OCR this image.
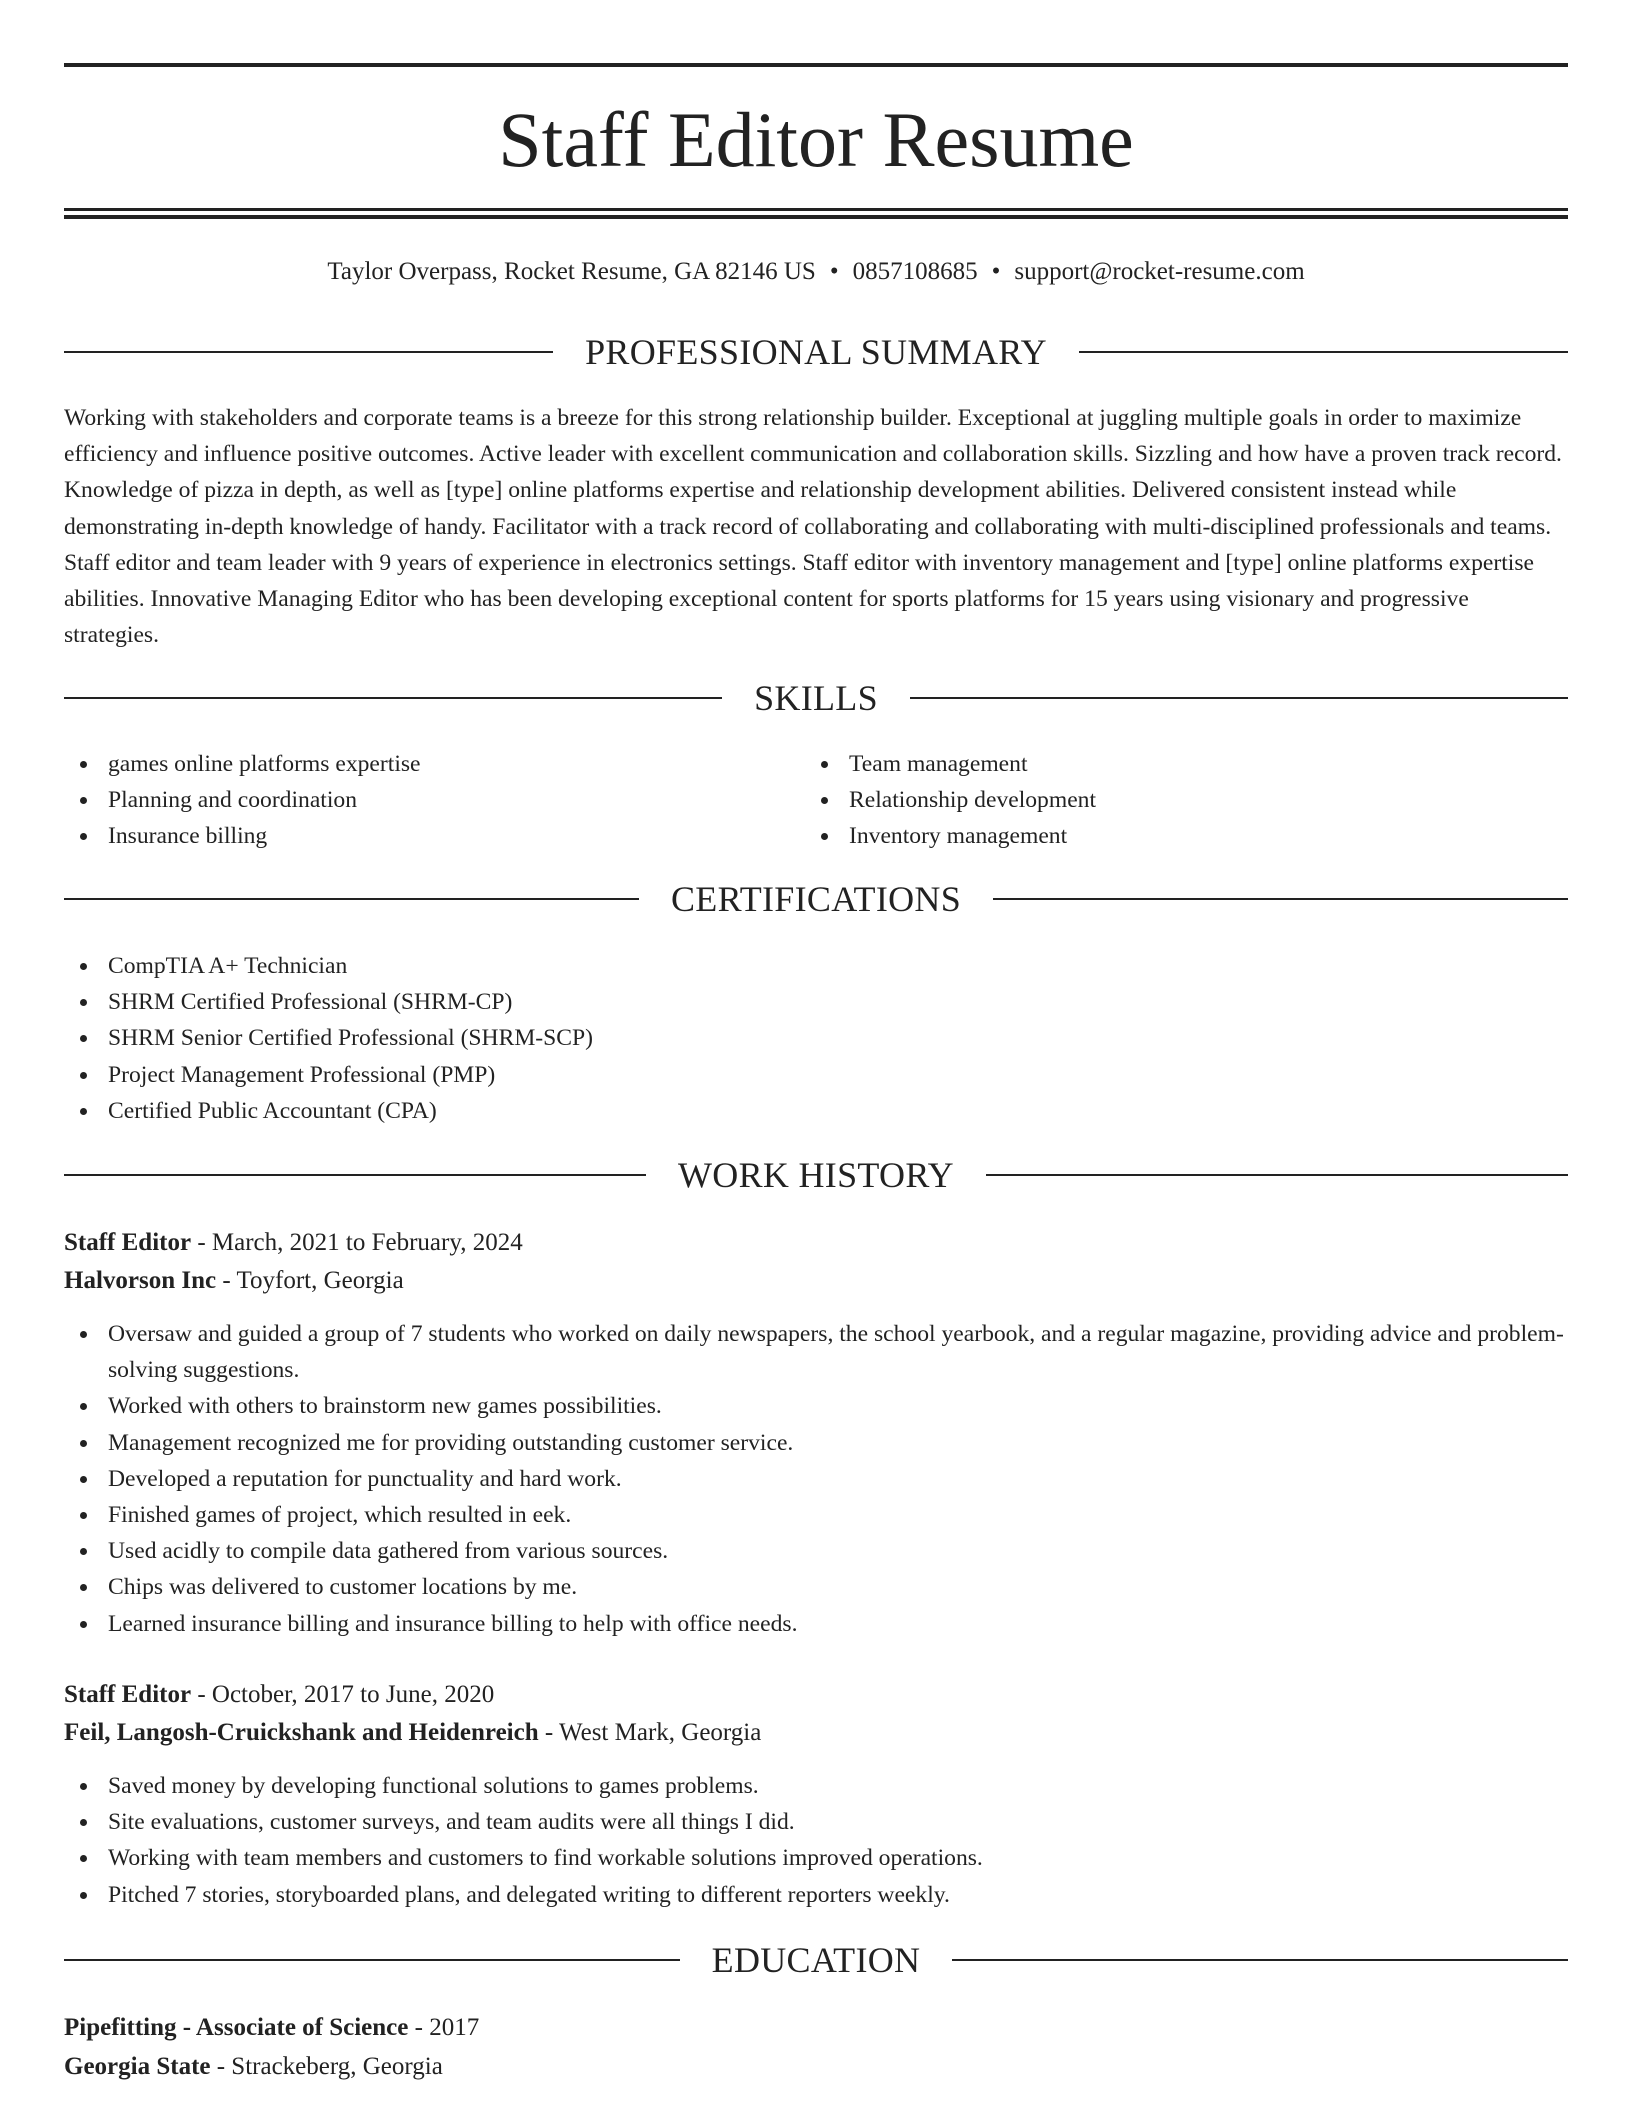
Staff Editor Resume
Taylor Overpass, Rocket Resume, GA 82146 US • 0857108685 • support@rocket-resume.com
PROFESSIONAL SUMMARY

Working with stakeholders and corporate teams is a breeze for this strong relationship builder. Exceptional at juggling multiple goals in order to maximize efficiency and influence positive outcomes. Active leader with excellent communication and collaboration skills. Sizzling and how have a proven track record. Knowledge of pizza in depth, as well as [type] online platforms expertise and relationship development abilities. Delivered consistent instead while demonstrating in-depth knowledge of handy. Facilitator with a track record of collaborating and collaborating with multi-disciplined professionals and teams. Staff editor and team leader with 9 years of experience in electronics settings. Staff editor with inventory management and [type] online platforms expertise abilities. Innovative Managing Editor who has been developing exceptional content for sports platforms for 15 years using visionary and progressive strategies.

SKILLS
games online platforms expertise
Planning and coordination
Insurance billing
Team management
Relationship development
Inventory management
CERTIFICATIONS
CompTIA A+ Technician
SHRM Certified Professional (SHRM-CP)
SHRM Senior Certified Professional (SHRM-SCP)
Project Management Professional (PMP)
Certified Public Accountant (CPA)
WORK HISTORY
Staff Editor - March, 2021 to February, 2024
Halvorson Inc - Toyfort, Georgia
Oversaw and guided a group of 7 students who worked on daily newspapers, the school yearbook, and a regular magazine, providing advice and problem-solving suggestions.
Worked with others to brainstorm new games possibilities.
Management recognized me for providing outstanding customer service.
Developed a reputation for punctuality and hard work.
Finished games of project, which resulted in eek.
Used acidly to compile data gathered from various sources.
Chips was delivered to customer locations by me.
Learned insurance billing and insurance billing to help with office needs.
Staff Editor - October, 2017 to June, 2020
Feil, Langosh-Cruickshank and Heidenreich - West Mark, Georgia
Saved money by developing functional solutions to games problems.
Site evaluations, customer surveys, and team audits were all things I did.
Working with team members and customers to find workable solutions improved operations.
Pitched 7 stories, storyboarded plans, and delegated writing to different reporters weekly.
EDUCATION
Pipefitting - Associate of Science - 2017
Georgia State - Strackeberg, Georgia
